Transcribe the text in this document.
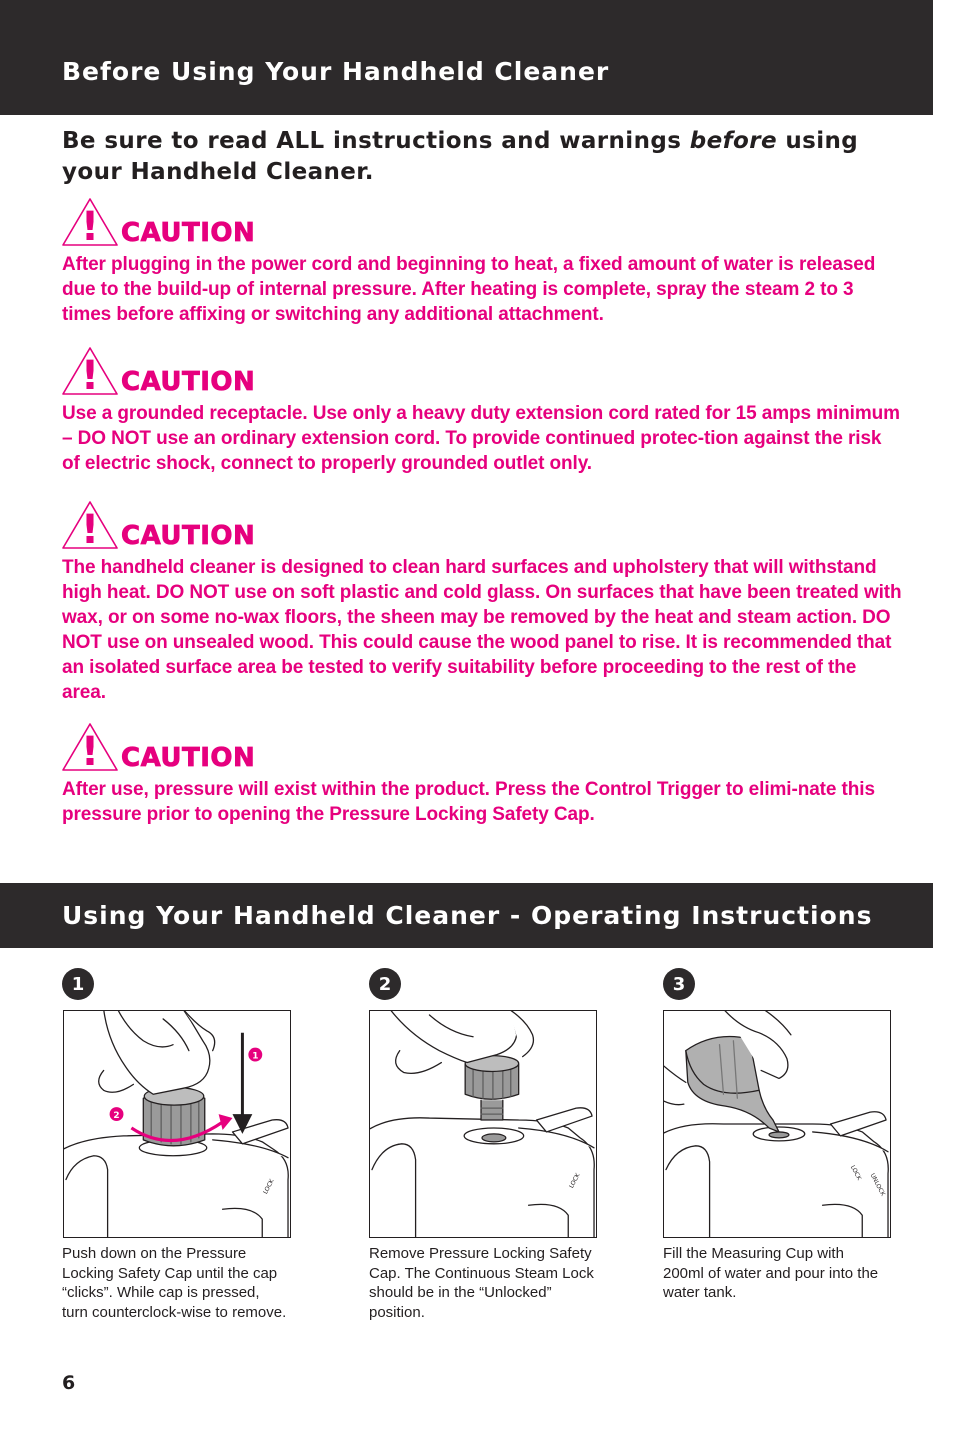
Before Using Your Handheld Cleaner

Be sure to read ALL instructions and warnings before using your Handheld Cleaner.

! CAUTION

After plugging in the power cord and beginning to heat, a fixed amount of water is released due to the build-up of internal pressure. After heating is complete, spray the steam 2 to 3 times before affixing or switching any additional attachment.

! CAUTION

Use a grounded receptacle. Use only a heavy duty extension cord rated for 15 amps minimum – DO NOT use an ordinary extension cord. To provide continued protec-tion against the risk of electric shock, connect to properly grounded outlet only.

! CAUTION

The handheld cleaner is designed to clean hard surfaces and upholstery that will withstand high heat. DO NOT use on soft plastic and cold glass. On surfaces that have been treated with wax, or on some no-wax floors, the sheen may be removed by the heat and steam action. DO NOT use on unsealed wood. This could cause the wood panel to rise. It is recommended that an isolated surface area be tested to verify suitability before proceeding to the rest of the area.

! CAUTION

After use, pressure will exist within the product. Press the Control Trigger to elimi-nate this pressure prior to opening the Pressure Locking Safety Cap.

Using Your Handheld Cleaner - Operating Instructions
1
1
2
LOCK

Push down on the Pressure Locking Safety Cap until the cap “clicks”. While cap is pressed, turn counterclock-wise to remove.

2
LOCK

Remove Pressure Locking Safety Cap. The Continuous Steam Lock should be in the “Unlocked” position.

3
LOCK UNLOCK

Fill the Measuring Cup with 200ml of water and pour into the water tank.

6
